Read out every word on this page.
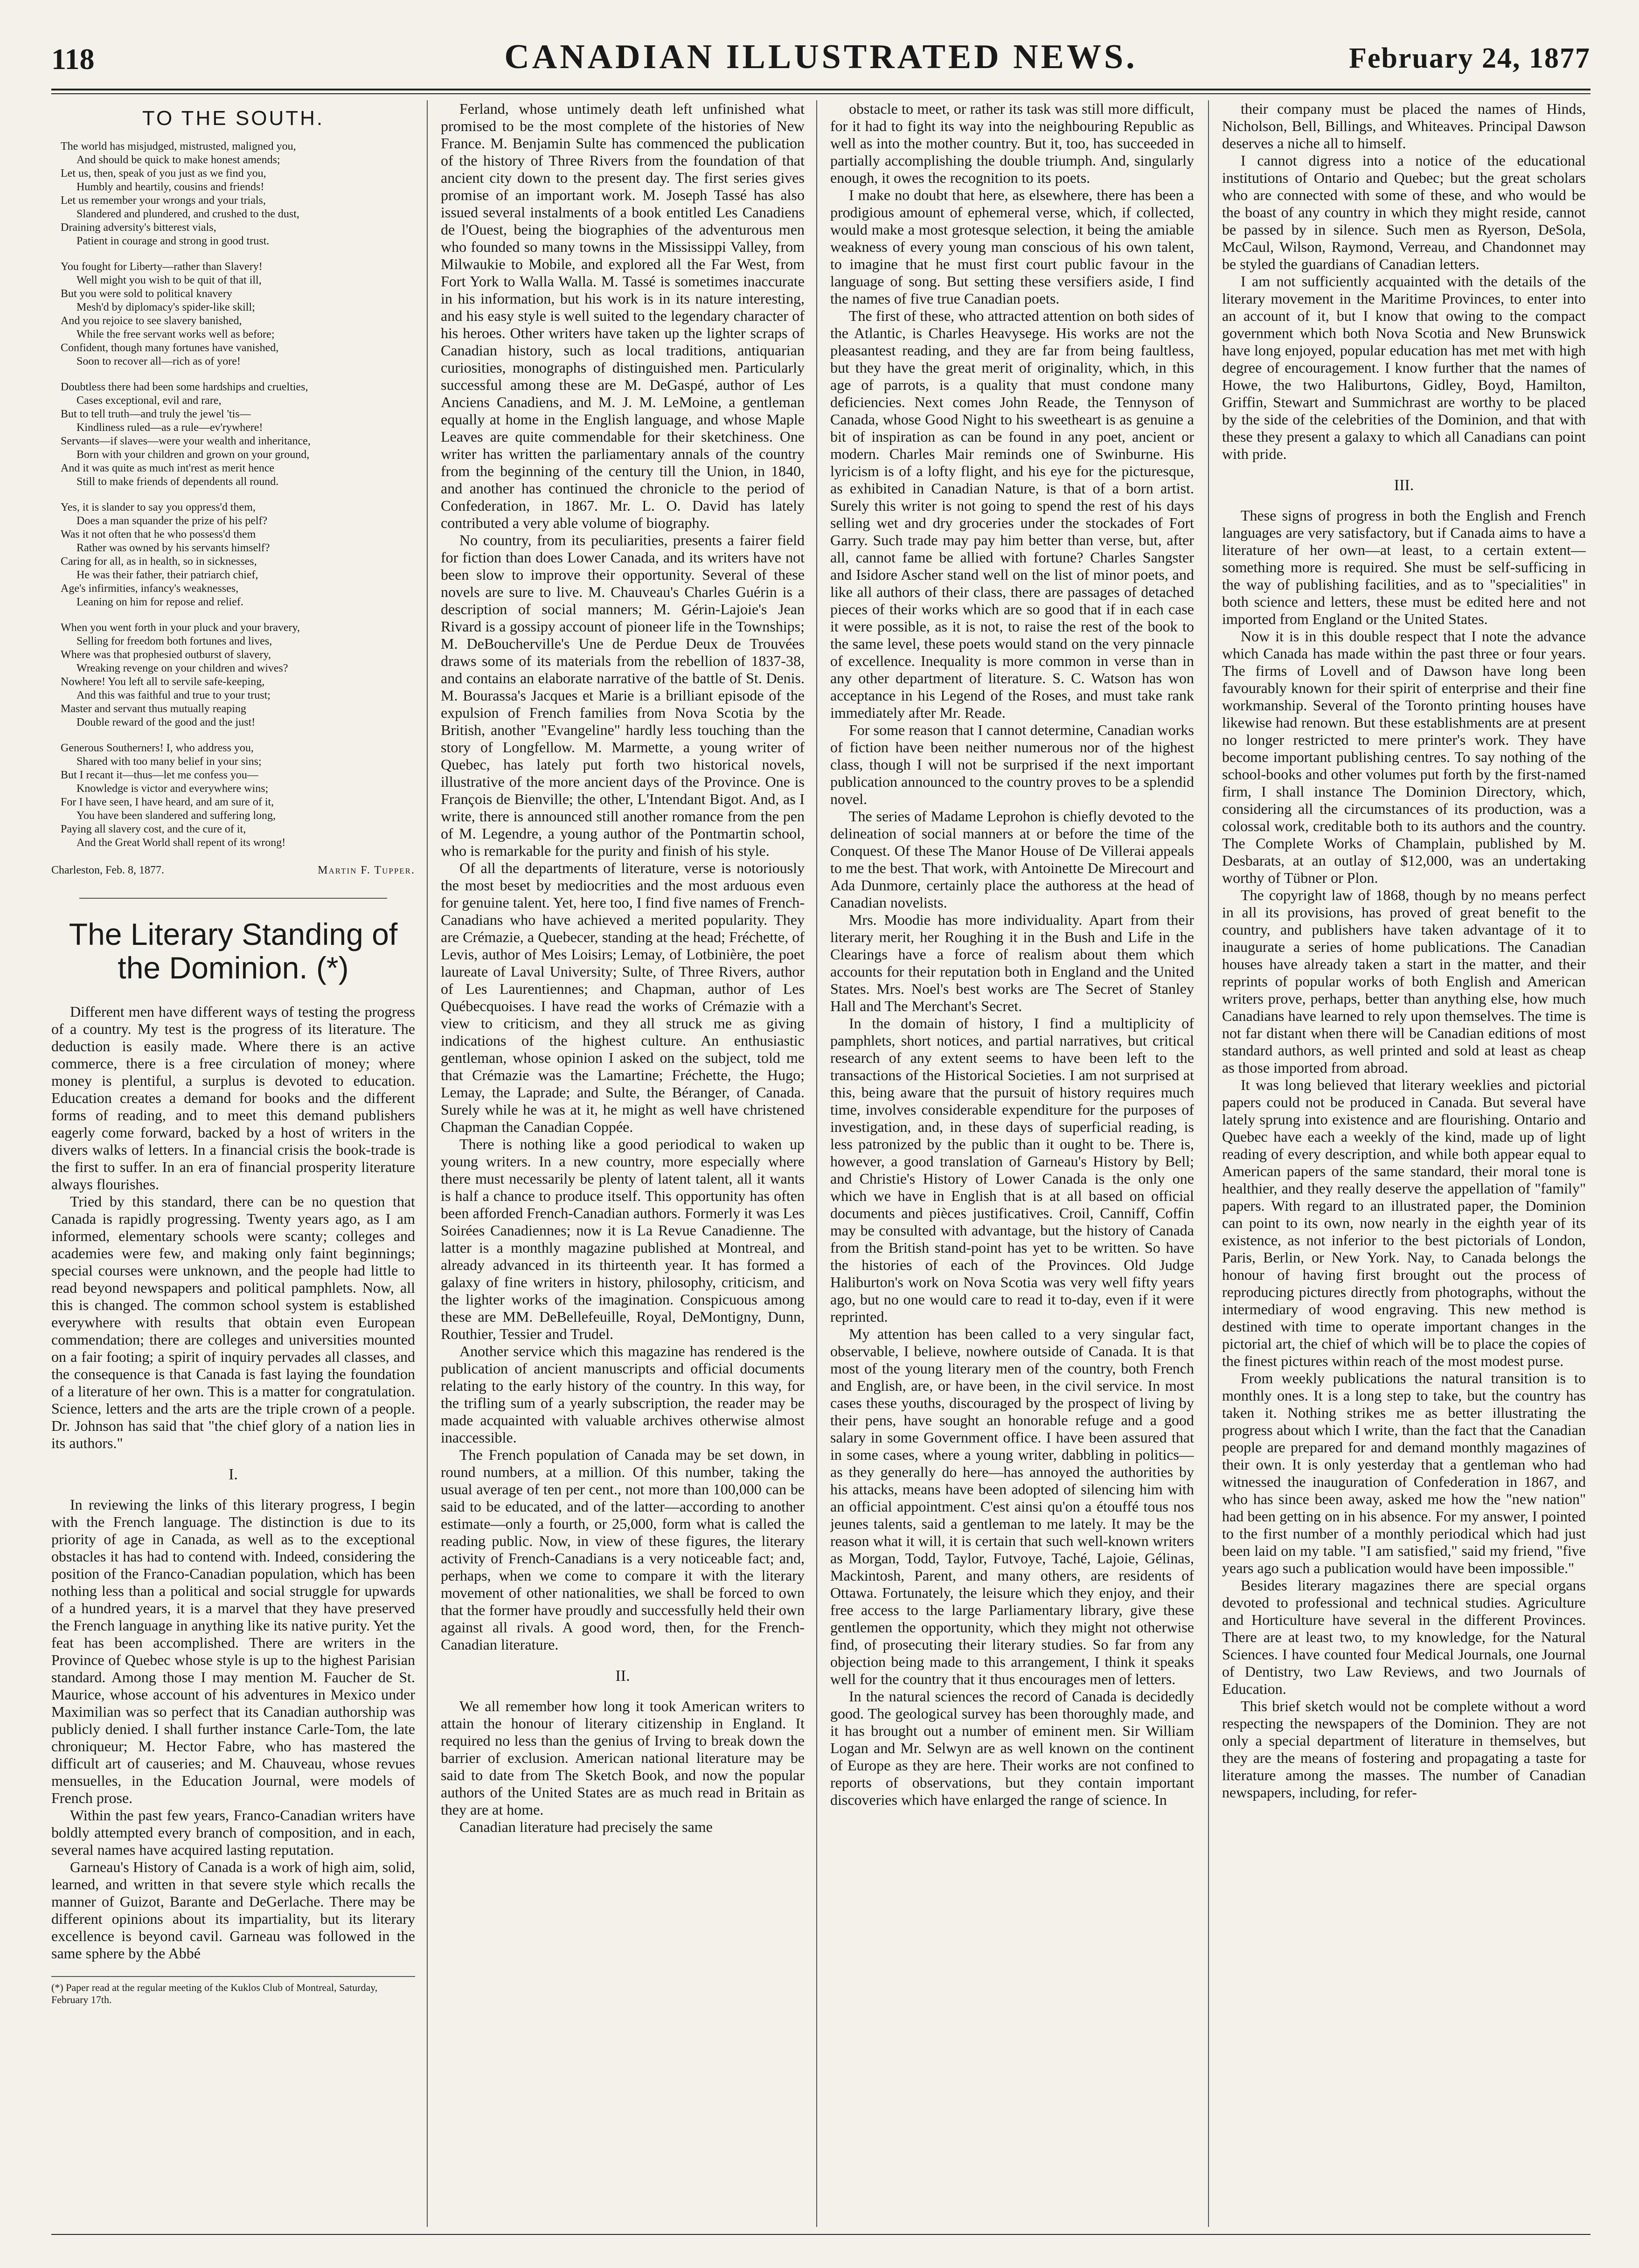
118	CANADIAN ILLUSTRATED NEWS.	February 24, 1877
TO THE SOUTH.
The world has misjudged, mistrusted, maligned you,
And should be quick to make honest amends;
Let us, then, speak of you just as we find you,
Humbly and heartily, cousins and friends!
Let us remember your wrongs and your trials,
Slandered and plundered, and crushed to the dust,
Draining adversity's bitterest vials,
Patient in courage and strong in good trust.
You fought for Liberty—rather than Slavery!
Well might you wish to be quit of that ill,
But you were sold to political knavery
Mesh'd by diplomacy's spider-like skill;
And you rejoice to see slavery banished,
While the free servant works well as before;
Confident, though many fortunes have vanished,
Soon to recover all—rich as of yore!
Doubtless there had been some hardships and cruelties,
Cases exceptional, evil and rare,
But to tell truth—and truly the jewel 'tis—
Kindliness ruled—as a rule—ev'rywhere!
Servants—if slaves—were your wealth and inheritance,
Born with your children and grown on your ground,
And it was quite as much int'rest as merit hence
Still to make friends of dependents all round.
Yes, it is slander to say you oppress'd them,
Does a man squander the prize of his pelf?
Was it not often that he who possess'd them
Rather was owned by his servants himself?
Caring for all, as in health, so in sicknesses,
He was their father, their patriarch chief,
Age's infirmities, infancy's weaknesses,
Leaning on him for repose and relief.
When you went forth in your pluck and your bravery,
Selling for freedom both fortunes and lives,
Where was that prophesied outburst of slavery,
Wreaking revenge on your children and wives?
Nowhere! You left all to servile safe-keeping,
And this was faithful and true to your trust;
Master and servant thus mutually reaping
Double reward of the good and the just!
Generous Southerners! I, who address you,
Shared with too many belief in your sins;
But I recant it—thus—let me confess you—
Knowledge is victor and everywhere wins;
For I have seen, I have heard, and am sure of it,
You have been slandered and suffering long,
Paying all slavery cost, and the cure of it,
And the Great World shall repent of its wrong!
Charleston, Feb. 8, 1877.	Martin F. Tupper.
The Literary Standing of the Dominion. (*)

Different men have different ways of testing the progress of a country. My test is the progress of its literature. The deduction is easily made. Where there is an active commerce, there is a free circulation of money; where money is plentiful, a surplus is devoted to education. Education creates a demand for books and the different forms of reading, and to meet this demand publishers eagerly come forward, backed by a host of writers in the divers walks of letters. In a financial crisis the book-trade is the first to suffer. In an era of financial prosperity literature always flourishes.

Tried by this standard, there can be no question that Canada is rapidly progressing. Twenty years ago, as I am informed, elementary schools were scanty; colleges and academies were few, and making only faint beginnings; special courses were unknown, and the people had little to read beyond newspapers and political pamphlets. Now, all this is changed. The common school system is established everywhere with results that obtain even European commendation; there are colleges and universities mounted on a fair footing; a spirit of inquiry pervades all classes, and the consequence is that Canada is fast laying the foundation of a literature of her own. This is a matter for congratulation. Science, letters and the arts are the triple crown of a people. Dr. Johnson has said that "the chief glory of a nation lies in its authors."

I.

In reviewing the links of this literary progress, I begin with the French language. The distinction is due to its priority of age in Canada, as well as to the exceptional obstacles it has had to contend with. Indeed, considering the position of the Franco-Canadian population, which has been nothing less than a political and social struggle for upwards of a hundred years, it is a marvel that they have preserved the French language in anything like its native purity. Yet the feat has been accomplished. There are writers in the Province of Quebec whose style is up to the highest Parisian standard. Among those I may mention M. Faucher de St. Maurice, whose account of his adventures in Mexico under Maximilian was so perfect that its Canadian authorship was publicly denied. I shall further instance Carle-Tom, the late chroniqueur; M. Hector Fabre, who has mastered the difficult art of causeries; and M. Chauveau, whose revues mensuelles, in the Education Journal, were models of French prose.

Within the past few years, Franco-Canadian writers have boldly attempted every branch of composition, and in each, several names have acquired lasting reputation.

Garneau's History of Canada is a work of high aim, solid, learned, and written in that severe style which recalls the manner of Guizot, Barante and DeGerlache. There may be different opinions about its impartiality, but its literary excellence is beyond cavil. Garneau was followed in the same sphere by the Abbé

(*) Paper read at the regular meeting of the Kuklos Club of Montreal, Saturday, February 17th.

Ferland, whose untimely death left unfinished what promised to be the most complete of the histories of New France. M. Benjamin Sulte has commenced the publication of the history of Three Rivers from the foundation of that ancient city down to the present day. The first series gives promise of an important work. M. Joseph Tassé has also issued several instalments of a book entitled Les Canadiens de l'Ouest, being the biographies of the adventurous men who founded so many towns in the Mississippi Valley, from Milwaukie to Mobile, and explored all the Far West, from Fort York to Walla Walla. M. Tassé is sometimes inaccurate in his information, but his work is in its nature interesting, and his easy style is well suited to the legendary character of his heroes. Other writers have taken up the lighter scraps of Canadian history, such as local traditions, antiquarian curiosities, monographs of distinguished men. Particularly successful among these are M. DeGaspé, author of Les Anciens Canadiens, and M. J. M. LeMoine, a gentleman equally at home in the English language, and whose Maple Leaves are quite commendable for their sketchiness. One writer has written the parliamentary annals of the country from the beginning of the century till the Union, in 1840, and another has continued the chronicle to the period of Confederation, in 1867. Mr. L. O. David has lately contributed a very able volume of biography.

No country, from its peculiarities, presents a fairer field for fiction than does Lower Canada, and its writers have not been slow to improve their opportunity. Several of these novels are sure to live. M. Chauveau's Charles Guérin is a description of social manners; M. Gérin-Lajoie's Jean Rivard is a gossipy account of pioneer life in the Townships; M. DeBoucherville's Une de Perdue Deux de Trouvées draws some of its materials from the rebellion of 1837-38, and contains an elaborate narrative of the battle of St. Denis. M. Bourassa's Jacques et Marie is a brilliant episode of the expulsion of French families from Nova Scotia by the British, another "Evangeline" hardly less touching than the story of Longfellow. M. Marmette, a young writer of Quebec, has lately put forth two historical novels, illustrative of the more ancient days of the Province. One is François de Bienville; the other, L'Intendant Bigot. And, as I write, there is announced still another romance from the pen of M. Legendre, a young author of the Pontmartin school, who is remarkable for the purity and finish of his style.

Of all the departments of literature, verse is notoriously the most beset by mediocrities and the most arduous even for genuine talent. Yet, here too, I find five names of French-Canadians who have achieved a merited popularity. They are Crémazie, a Quebecer, standing at the head; Fréchette, of Levis, author of Mes Loisirs; Lemay, of Lotbinière, the poet laureate of Laval University; Sulte, of Three Rivers, author of Les Laurentiennes; and Chapman, author of Les Québecquoises. I have read the works of Crémazie with a view to criticism, and they all struck me as giving indications of the highest culture. An enthusiastic gentleman, whose opinion I asked on the subject, told me that Crémazie was the Lamartine; Fréchette, the Hugo; Lemay, the Laprade; and Sulte, the Béranger, of Canada. Surely while he was at it, he might as well have christened Chapman the Canadian Coppée.

There is nothing like a good periodical to waken up young writers. In a new country, more especially where there must necessarily be plenty of latent talent, all it wants is half a chance to produce itself. This opportunity has often been afforded French-Canadian authors. Formerly it was Les Soirées Canadiennes; now it is La Revue Canadienne. The latter is a monthly magazine published at Montreal, and already advanced in its thirteenth year. It has formed a galaxy of fine writers in history, philosophy, criticism, and the lighter works of the imagination. Conspicuous among these are MM. DeBellefeuille, Royal, DeMontigny, Dunn, Routhier, Tessier and Trudel.

Another service which this magazine has rendered is the publication of ancient manuscripts and official documents relating to the early history of the country. In this way, for the trifling sum of a yearly subscription, the reader may be made acquainted with valuable archives otherwise almost inaccessible.

The French population of Canada may be set down, in round numbers, at a million. Of this number, taking the usual average of ten per cent., not more than 100,000 can be said to be educated, and of the latter—according to another estimate—only a fourth, or 25,000, form what is called the reading public. Now, in view of these figures, the literary activity of French-Canadians is a very noticeable fact; and, perhaps, when we come to compare it with the literary movement of other nationalities, we shall be forced to own that the former have proudly and successfully held their own against all rivals. A good word, then, for the French-Canadian literature.

II.

We all remember how long it took American writers to attain the honour of literary citizenship in England. It required no less than the genius of Irving to break down the barrier of exclusion. American national literature may be said to date from The Sketch Book, and now the popular authors of the United States are as much read in Britain as they are at home.

Canadian literature had precisely the same

obstacle to meet, or rather its task was still more difficult, for it had to fight its way into the neighbouring Republic as well as into the mother country. But it, too, has succeeded in partially accomplishing the double triumph. And, singularly enough, it owes the recognition to its poets.

I make no doubt that here, as elsewhere, there has been a prodigious amount of ephemeral verse, which, if collected, would make a most grotesque selection, it being the amiable weakness of every young man conscious of his own talent, to imagine that he must first court public favour in the language of song. But setting these versifiers aside, I find the names of five true Canadian poets.

The first of these, who attracted attention on both sides of the Atlantic, is Charles Heavysege. His works are not the pleasantest reading, and they are far from being faultless, but they have the great merit of originality, which, in this age of parrots, is a quality that must condone many deficiencies. Next comes John Reade, the Tennyson of Canada, whose Good Night to his sweetheart is as genuine a bit of inspiration as can be found in any poet, ancient or modern. Charles Mair reminds one of Swinburne. His lyricism is of a lofty flight, and his eye for the picturesque, as exhibited in Canadian Nature, is that of a born artist. Surely this writer is not going to spend the rest of his days selling wet and dry groceries under the stockades of Fort Garry. Such trade may pay him better than verse, but, after all, cannot fame be allied with fortune? Charles Sangster and Isidore Ascher stand well on the list of minor poets, and like all authors of their class, there are passages of detached pieces of their works which are so good that if in each case it were possible, as it is not, to raise the rest of the book to the same level, these poets would stand on the very pinnacle of excellence. Inequality is more common in verse than in any other department of literature. S. C. Watson has won acceptance in his Legend of the Roses, and must take rank immediately after Mr. Reade.

For some reason that I cannot determine, Canadian works of fiction have been neither numerous nor of the highest class, though I will not be surprised if the next important publication announced to the country proves to be a splendid novel.

The series of Madame Leprohon is chiefly devoted to the delineation of social manners at or before the time of the Conquest. Of these The Manor House of De Villerai appeals to me the best. That work, with Antoinette De Mirecourt and Ada Dunmore, certainly place the authoress at the head of Canadian novelists.

Mrs. Moodie has more individuality. Apart from their literary merit, her Roughing it in the Bush and Life in the Clearings have a force of realism about them which accounts for their reputation both in England and the United States. Mrs. Noel's best works are The Secret of Stanley Hall and The Merchant's Secret.

In the domain of history, I find a multiplicity of pamphlets, short notices, and partial narratives, but critical research of any extent seems to have been left to the transactions of the Historical Societies. I am not surprised at this, being aware that the pursuit of history requires much time, involves considerable expenditure for the purposes of investigation, and, in these days of superficial reading, is less patronized by the public than it ought to be. There is, however, a good translation of Garneau's History by Bell; and Christie's History of Lower Canada is the only one which we have in English that is at all based on official documents and pièces justificatives. Croil, Canniff, Coffin may be consulted with advantage, but the history of Canada from the British stand-point has yet to be written. So have the histories of each of the Provinces. Old Judge Haliburton's work on Nova Scotia was very well fifty years ago, but no one would care to read it to-day, even if it were reprinted.

My attention has been called to a very singular fact, observable, I believe, nowhere outside of Canada. It is that most of the young literary men of the country, both French and English, are, or have been, in the civil service. In most cases these youths, discouraged by the prospect of living by their pens, have sought an honorable refuge and a good salary in some Government office. I have been assured that in some cases, where a young writer, dabbling in politics—as they generally do here—has annoyed the authorities by his attacks, means have been adopted of silencing him with an official appointment. C'est ainsi qu'on a étouffé tous nos jeunes talents, said a gentleman to me lately. It may be the reason what it will, it is certain that such well-known writers as Morgan, Todd, Taylor, Futvoye, Taché, Lajoie, Gélinas, Mackintosh, Parent, and many others, are residents of Ottawa. Fortunately, the leisure which they enjoy, and their free access to the large Parliamentary library, give these gentlemen the opportunity, which they might not otherwise find, of prosecuting their literary studies. So far from any objection being made to this arrangement, I think it speaks well for the country that it thus encourages men of letters.

In the natural sciences the record of Canada is decidedly good. The geological survey has been thoroughly made, and it has brought out a number of eminent men. Sir William Logan and Mr. Selwyn are as well known on the continent of Europe as they are here. Their works are not confined to reports of observations, but they contain important discoveries which have enlarged the range of science. In

their company must be placed the names of Hinds, Nicholson, Bell, Billings, and Whiteaves. Principal Dawson deserves a niche all to himself.

I cannot digress into a notice of the educational institutions of Ontario and Quebec; but the great scholars who are connected with some of these, and who would be the boast of any country in which they might reside, cannot be passed by in silence. Such men as Ryerson, DeSola, McCaul, Wilson, Raymond, Verreau, and Chandonnet may be styled the guardians of Canadian letters.

I am not sufficiently acquainted with the details of the literary movement in the Maritime Provinces, to enter into an account of it, but I know that owing to the compact government which both Nova Scotia and New Brunswick have long enjoyed, popular education has met met with high degree of encouragement. I know further that the names of Howe, the two Haliburtons, Gidley, Boyd, Hamilton, Griffin, Stewart and Summichrast are worthy to be placed by the side of the celebrities of the Dominion, and that with these they present a galaxy to which all Canadians can point with pride.

III.

These signs of progress in both the English and French languages are very satisfactory, but if Canada aims to have a literature of her own—at least, to a certain extent—something more is required. She must be self-sufficing in the way of publishing facilities, and as to "specialities" in both science and letters, these must be edited here and not imported from England or the United States.

Now it is in this double respect that I note the advance which Canada has made within the past three or four years. The firms of Lovell and of Dawson have long been favourably known for their spirit of enterprise and their fine workmanship. Several of the Toronto printing houses have likewise had renown. But these establishments are at present no longer restricted to mere printer's work. They have become important publishing centres. To say nothing of the school-books and other volumes put forth by the first-named firm, I shall instance The Dominion Directory, which, considering all the circumstances of its production, was a colossal work, creditable both to its authors and the country. The Complete Works of Champlain, published by M. Desbarats, at an outlay of $12,000, was an undertaking worthy of Tübner or Plon.

The copyright law of 1868, though by no means perfect in all its provisions, has proved of great benefit to the country, and publishers have taken advantage of it to inaugurate a series of home publications. The Canadian houses have already taken a start in the matter, and their reprints of popular works of both English and American writers prove, perhaps, better than anything else, how much Canadians have learned to rely upon themselves. The time is not far distant when there will be Canadian editions of most standard authors, as well printed and sold at least as cheap as those imported from abroad.

It was long believed that literary weeklies and pictorial papers could not be produced in Canada. But several have lately sprung into existence and are flourishing. Ontario and Quebec have each a weekly of the kind, made up of light reading of every description, and while both appear equal to American papers of the same standard, their moral tone is healthier, and they really deserve the appellation of "family" papers. With regard to an illustrated paper, the Dominion can point to its own, now nearly in the eighth year of its existence, as not inferior to the best pictorials of London, Paris, Berlin, or New York. Nay, to Canada belongs the honour of having first brought out the process of reproducing pictures directly from photographs, without the intermediary of wood engraving. This new method is destined with time to operate important changes in the pictorial art, the chief of which will be to place the copies of the finest pictures within reach of the most modest purse.

From weekly publications the natural transition is to monthly ones. It is a long step to take, but the country has taken it. Nothing strikes me as better illustrating the progress about which I write, than the fact that the Canadian people are prepared for and demand monthly magazines of their own. It is only yesterday that a gentleman who had witnessed the inauguration of Confederation in 1867, and who has since been away, asked me how the "new nation" had been getting on in his absence. For my answer, I pointed to the first number of a monthly periodical which had just been laid on my table. "I am satisfied," said my friend, "five years ago such a publication would have been impossible."

Besides literary magazines there are special organs devoted to professional and technical studies. Agriculture and Horticulture have several in the different Provinces. There are at least two, to my knowledge, for the Natural Sciences. I have counted four Medical Journals, one Journal of Dentistry, two Law Reviews, and two Journals of Education.

This brief sketch would not be complete without a word respecting the newspapers of the Dominion. They are not only a special department of literature in themselves, but they are the means of fostering and propagating a taste for literature among the masses. The number of Canadian newspapers, including, for refer-
